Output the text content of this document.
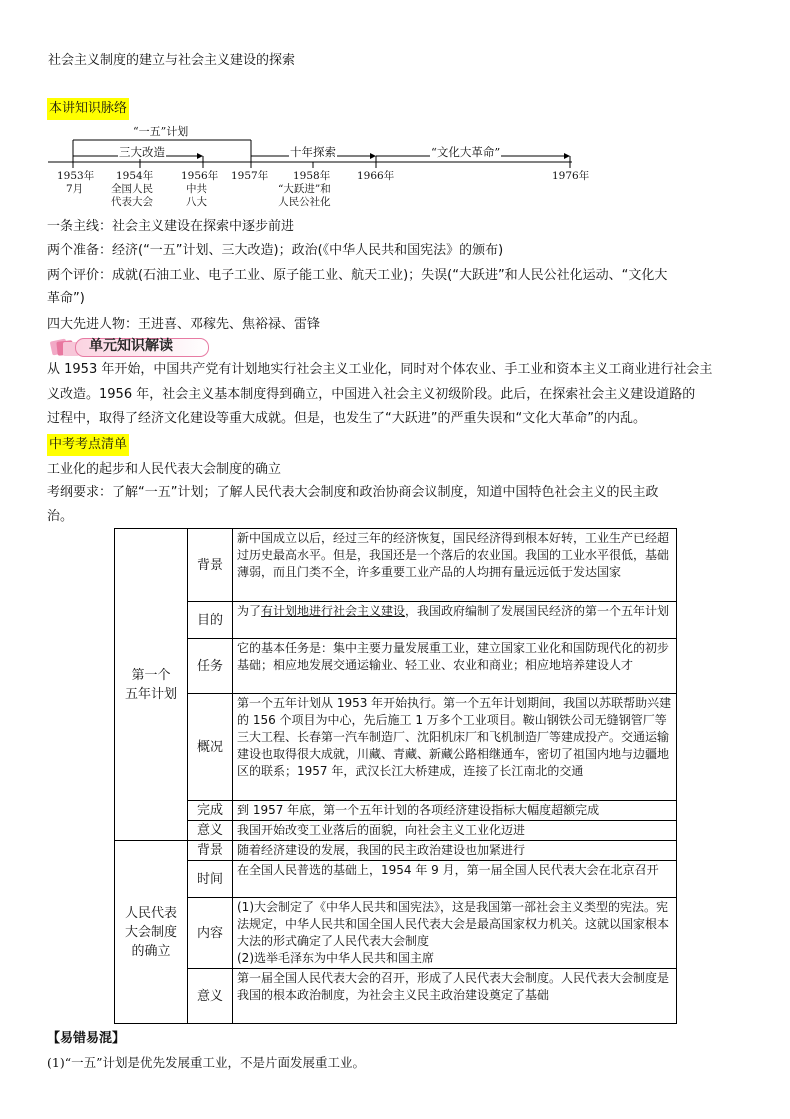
社会主义制度的建立与社会主义建设的探索
本讲知识脉络
“一五”计划
三大改造	十年探索	“文化大革命”
1953年
7月
1954年
全国人民
代表大会
1956年
中共
八大
1957年 1958年
“大跃进”和
人民公社化
1966年	1976年
一条主线：社会主义建设在探索中逐步前进
两个准备：经济(“一五”计划、三大改造)；政治(《中华人民共和国宪法》的颁布)
两个评价：成就(石油工业、电子工业、原子能工业、航天工业)；失误(“大跃进”和人民公社化运动、“文化大
革命”)
四大先进人物：王进喜、邓稼先、焦裕禄、雷锋
单元知识解读
从 1953 年开始，中国共产党有计划地实行社会主义工业化，同时对个体农业、手工业和资本主义工商业进行社会主
义改造。1956 年，社会主义基本制度得到确立，中国进入社会主义初级阶段。此后，在探索社会主义建设道路的
过程中，取得了经济文化建设等重大成就。但是，也发生了“大跃进”的严重失误和“文化大革命”的内乱。
中考考点清单
工业化的起步和人民代表大会制度的确立
考纲要求：了解“一五”计划；了解人民代表大会制度和政治协商会议制度，知道中国特色社会主义的民主政
治。
第一个
五年计划	背景	新中国成立以后，经过三年的经济恢复，国民经济得到根本好转，工业生产已经超过历史最高水平。但是，我国还是一个落后的农业国。我国的工业水平很低，基础薄弱，而且门类不全，许多重要工业产品的人均拥有量远远低于发达国家
	目的	为了有计划地进行社会主义建设，我国政府编制了发展国民经济的第一个五年计划
	任务	它的基本任务是：集中主要力量发展重工业，建立国家工业化和国防现代化的初步基础；相应地发展交通运输业、轻工业、农业和商业；相应地培养建设人才
	概况	第一个五年计划从 1953 年开始执行。第一个五年计划期间，我国以苏联帮助兴建的 156 个项目为中心，先后施工 1 万多个工业项目。鞍山钢铁公司无缝钢管厂等三大工程、长春第一汽车制造厂、沈阳机床厂和飞机制造厂等建成投产。交通运输建设也取得很大成就，川藏、青藏、新藏公路相继通车，密切了祖国内地与边疆地区的联系；1957 年，武汉长江大桥建成，连接了长江南北的交通
	完成	到 1957 年底，第一个五年计划的各项经济建设指标大幅度超额完成
	意义	我国开始改变工业落后的面貌，向社会主义工业化迈进
人民代表
大会制度
的确立	背景	随着经济建设的发展，我国的民主政治建设也加紧进行
	时间	在全国人民普选的基础上，1954 年 9 月，第一届全国人民代表大会在北京召开
	内容	(1)大会制定了《中华人民共和国宪法》，这是我国第一部社会主义类型的宪法。宪法规定，中华人民共和国全国人民代表大会是最高国家权力机关。这就以国家根本大法的形式确定了人民代表大会制度
(2)选举毛泽东为中华人民共和国主席

	意义	第一届全国人民代表大会的召开，形成了人民代表大会制度。人民代表大会制度是我国的根本政治制度，为社会主义民主政治建设奠定了基础
【易错易混】
(1)“一五”计划是优先发展重工业，不是片面发展重工业。
